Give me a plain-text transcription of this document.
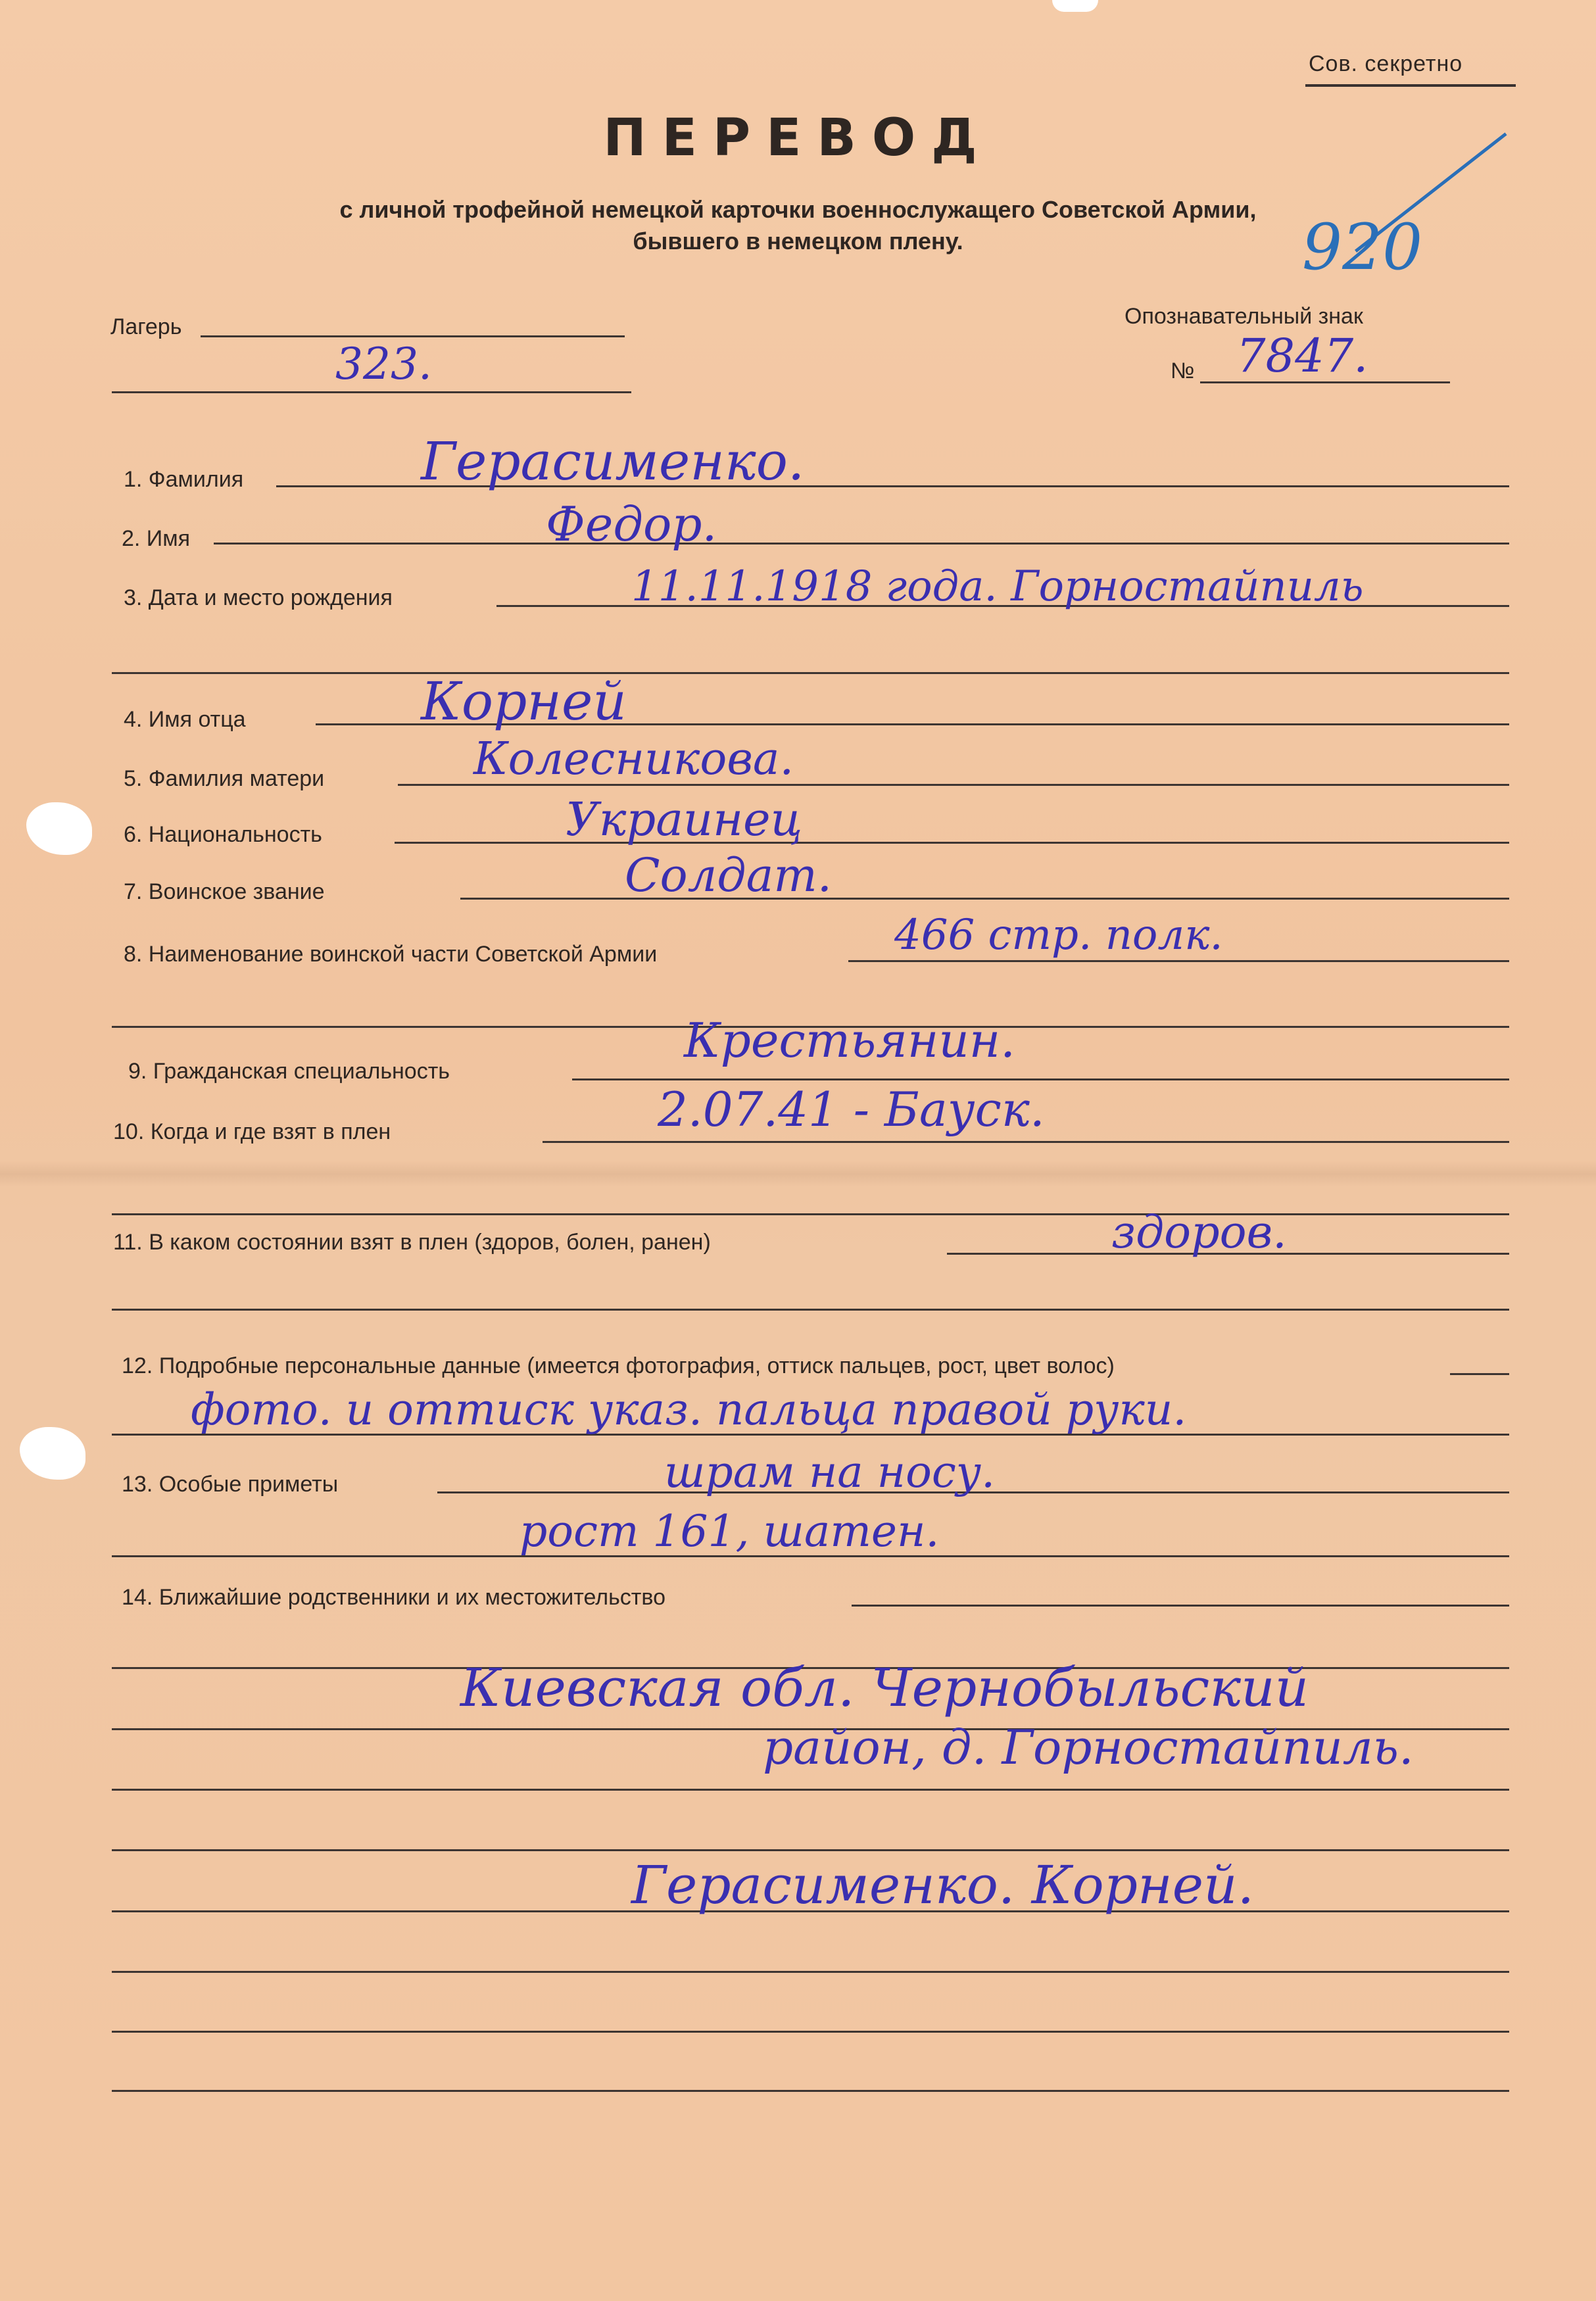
Сов. секретно
ПЕРЕВОД
с личной трофейной немецкой карточки военнослужащего Советской Армии,
бывшего в немецком плену.	920
Лагерь
323.
Опознавательный знак
№ 7847.
1. Фамилия	Герасименко.
2. Имя	Федор.
3. Дата и место рождения	11.11.1918 года. Горностайпиль
4. Имя отца	Корней
5. Фамилия матери	Колесникова.
6. Национальность	Украинец
7. Воинское звание	Солдат.
8. Наименование воинской части Советской Армии	466 стр. полк.
9. Гражданская специальность
Крестьянин.
10. Когда и где взят в плен	2.07.41 - Бауск.
11. В каком состоянии взят в плен (здоров, болен, ранен)	здоров.
12. Подробные персональные данные (имеется фотография, оттиск пальцев, рост, цвет волос)
фото. и оттиск указ. пальца правой руки.
13. Особые приметы	шрам на носу.
рост 161, шатен.
14. Ближайшие родственники и их местожительство
Киевская обл. Чернобыльский
район, д. Горностайпиль.
Герасименко. Корней.
